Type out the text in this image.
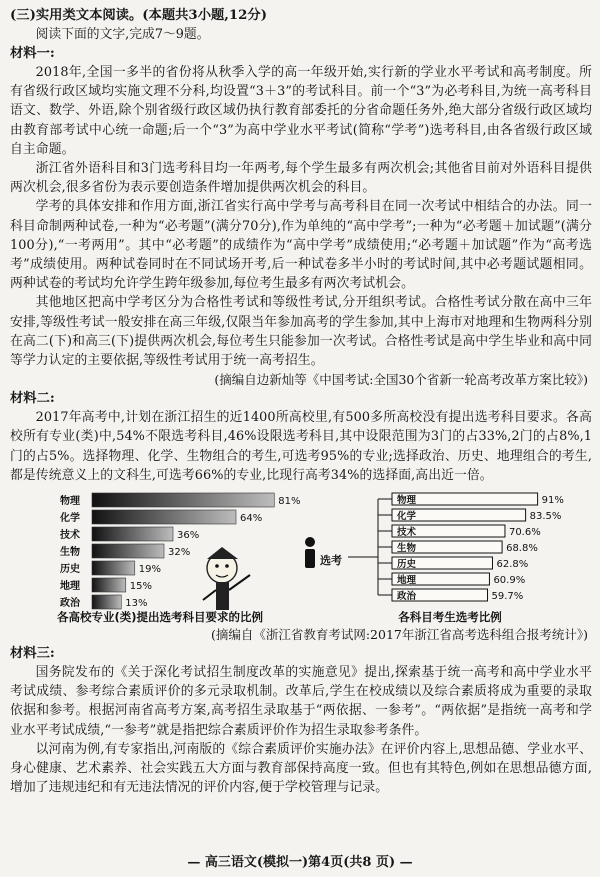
(三)实用类文本阅读。(本题共3小题,12分)

阅读下面的文字,完成7～9题。

材料一:

2018年,全国一多半的省份将从秋季入学的高一年级开始,实行新的学业水平考试和高考制度。所有省级行政区域均实施文理不分科,均设置“3＋3”的考试科目。前一个“3”为必考科目,为统一高考科目语文、数学、外语,除个别省级行政区域仍执行教育部委托的分省命题任务外,绝大部分省级行政区域均由教育部考试中心统一命题;后一个“3”为高中学业水平考试(简称“学考”)选考科目,由各省级行政区域自主命题。

浙江省外语科目和3门选考科目均一年两考,每个学生最多有两次机会;其他省目前对外语科目提供两次机会,很多省份为表示要创造条件增加提供两次机会的科目。

学考的具体安排和作用方面,浙江省实行高中学考与高考科目在同一次考试中相结合的办法。同一科目命制两种试卷,一种为“必考题”(满分70分),作为单纯的“高中学考”;一种为“必考题＋加试题”(满分100分),“一考两用”。其中“必考题”的成绩作为“高中学考”成绩使用;“必考题＋加试题”作为“高考选考”成绩使用。两种试卷同时在不同试场开考,后一种试卷多半小时的考试时间,其中必考题试题相同。两种试卷的考试均允许学生跨年级参加,每位考生最多有两次考试机会。

其他地区把高中学考区分为合格性考试和等级性考试,分开组织考试。合格性考试分散在高中三年安排,等级性考试一般安排在高三年级,仅限当年参加高考的学生参加,其中上海市对地理和生物两科分别在高二(下)和高三(下)提供两次机会,每位考生只能参加一次考试。合格性考试是高中学生毕业和高中同等学力认定的主要依据,等级性考试用于统一高考招生。

(摘编自边新灿等《中国考试:全国30个省新一轮高考改革方案比较》)

材料二:

2017年高考中,计划在浙江招生的近1400所高校里,有500多所高校没有提出选考科目要求。各高校所有专业(类)中,54%不限选考科目,46%设限选考科目,其中设限范围为3门的占33%,2门的占8%,1门的占5%。选择物理、化学、生物组合的考生,可选考95%的专业;选择政治、历史、地理组合的考生,都是传统意义上的文科生,可选考66%的专业,比现行高考34%的选择面,高出近一倍。

物理	81%
化学	64%
技术	36%
生物	32%
历史	19%
地理	15%
政治	13%
各高校专业(类)提出选考科目要求的比例
选考
物理	91%
化学	83.5%
技术	70.6%
生物	68.8%
历史	62.8%
地理	60.9%
政治	59.7%
各科目考生选考比例

(摘编自《浙江省教育考试网:2017年浙江省高考选科组合报考统计》)

材料三:

国务院发布的《关于深化考试招生制度改革的实施意见》提出,探索基于统一高考和高中学业水平考试成绩、参考综合素质评价的多元录取机制。改革后,学生在校成绩以及综合素质将成为重要的录取依据和参考。根据河南省高考方案,高考招生录取基于“两依据、一参考”。“两依据”是指统一高考和学业水平考试成绩,“一参考”就是指把综合素质评价作为招生录取参考条件。

以河南为例,有专家指出,河南版的《综合素质评价实施办法》在评价内容上,思想品德、学业水平、身心健康、艺术素养、社会实践五大方面与教育部保持高度一致。但也有其特色,例如在思想品德方面,增加了违规违纪和有无违法情况的评价内容,便于学校管理与记录。

— 高三语文(模拟一)第4页(共8 页) —
